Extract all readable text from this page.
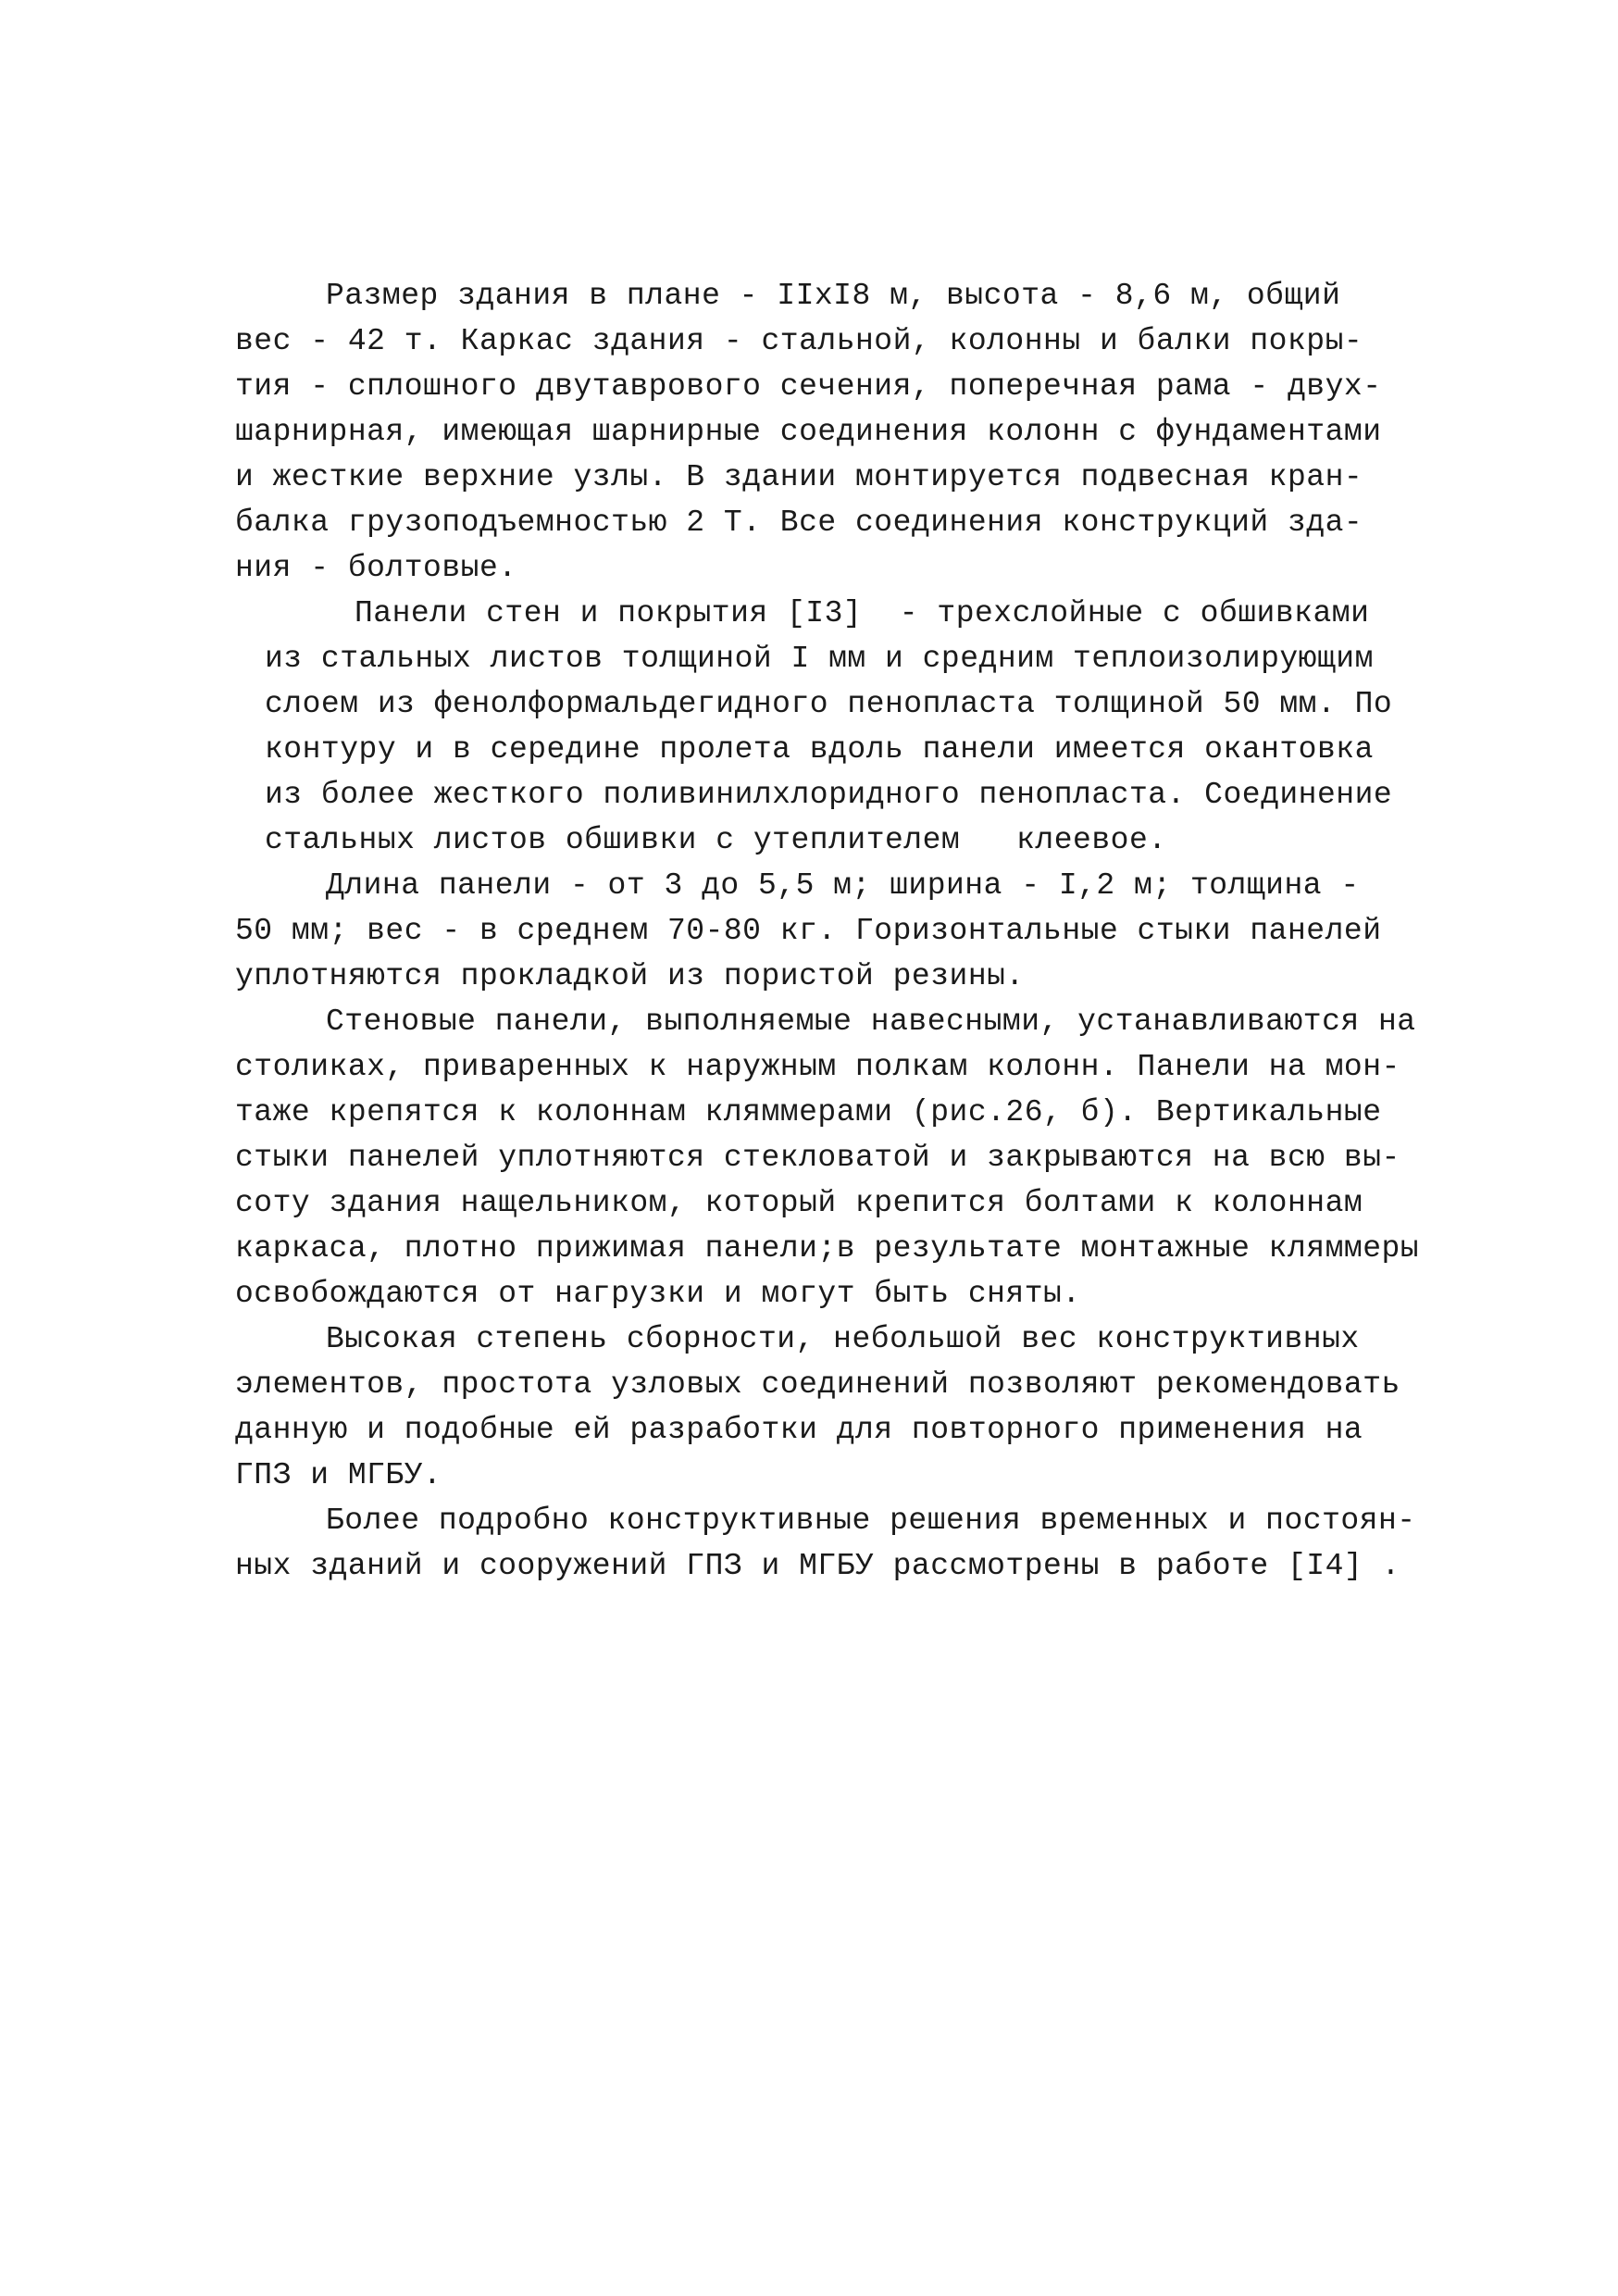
Размер здания в плане - IIxI8 м, высота - 8,6 м, общий
вес - 42 т. Каркас здания - стальной, колонны и балки покры-
тия - сплошного двутаврового сечения, поперечная рама - двух-
шарнирная, имеющая шарнирные соединения колонн с фундаментами
и жесткие верхние узлы. В здании монтируется подвесная кран-
балка грузоподъемностью 2 Т. Все соединения конструкций зда-
ния - болтовые.
Панели стен и покрытия [I3]  - трехслойные с обшивками
из стальных листов толщиной I мм и средним теплоизолирующим
слоем из фенолформальдегидного пенопласта толщиной 50 мм. По
контуру и в середине пролета вдоль панели имеется окантовка
из более жесткого поливинилхлоридного пенопласта. Соединение
стальных листов обшивки с утеплителем   клеевое.
Длина панели - от 3 до 5,5 м; ширина - I,2 м; толщина -
50 мм; вес - в среднем 70-80 кг. Горизонтальные стыки панелей
уплотняются прокладкой из пористой резины.
Стеновые панели, выполняемые навесными, устанавливаются на
столиках, приваренных к наружным полкам колонн. Панели на мон-
таже крепятся к колоннам кляммерами (рис.26, б). Вертикальные
стыки панелей уплотняются стекловатой и закрываются на всю вы-
соту здания нащельником, который крепится болтами к колоннам
каркаса, плотно прижимая панели;в результате монтажные кляммеры
освобождаются от нагрузки и могут быть сняты.
Высокая степень сборности, небольшой вес конструктивных
элементов, простота узловых соединений позволяют рекомендовать
данную и подобные ей разработки для повторного применения на
ГПЗ и МГБУ.
Более подробно конструктивные решения временных и постоян-
ных зданий и сооружений ГПЗ и МГБУ рассмотрены в работе [I4] .
